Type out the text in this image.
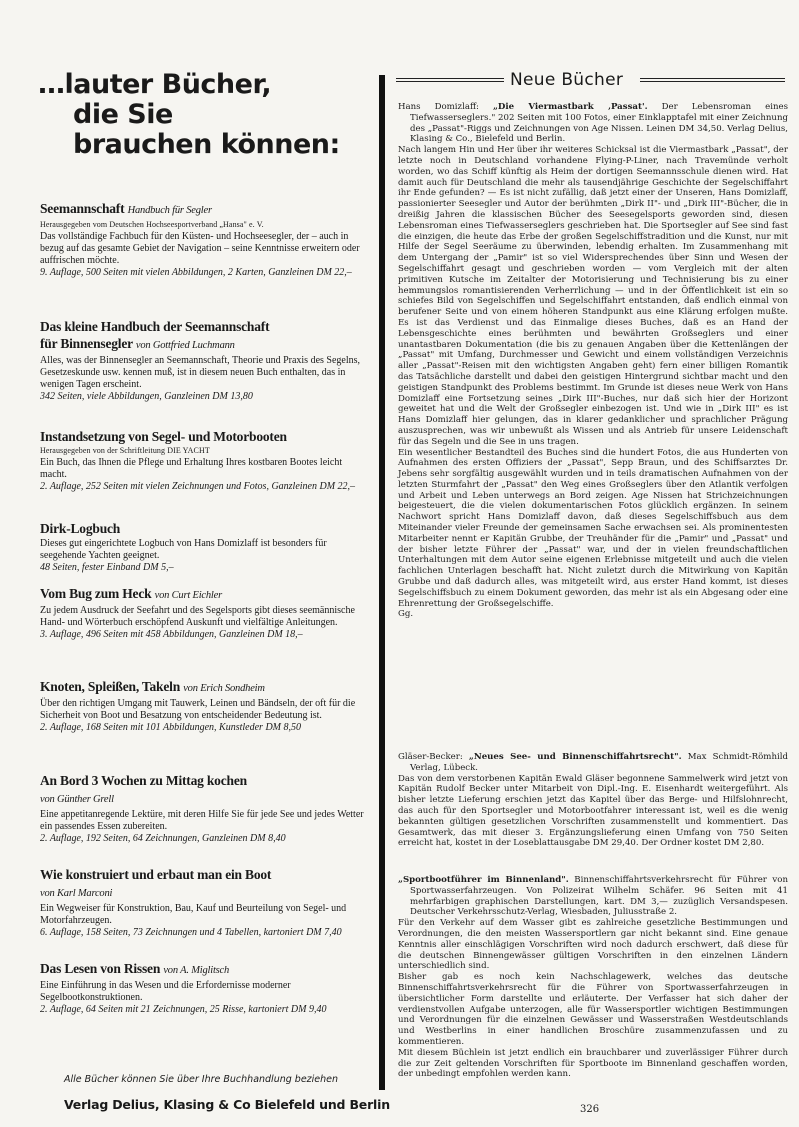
…lauter Bücher,
die Sie
brauchen können:
Seemannschaft Handbuch für Segler
Herausgegeben vom Deutschen Hochseesportverband „Hansa" e. V.
Das vollständige Fachbuch für den Küsten- und Hochseesegler, der – auch in bezug auf das gesamte Gebiet der Navigation – seine Kenntnisse erweitern oder auffrischen möchte.
9. Auflage, 500 Seiten mit vielen Abbildungen, 2 Karten, Ganzleinen DM 22,–
Das kleine Handbuch der Seemannschaft
für Binnensegler von Gottfried Luchmann
Alles, was der Binnensegler an Seemannschaft, Theorie und Praxis des Segelns, Gesetzeskunde usw. kennen muß, ist in diesem neuen Buch enthalten, das in wenigen Tagen erscheint.
342 Seiten, viele Abbildungen, Ganzleinen DM 13,80
Instandsetzung von Segel- und Motorbooten
Herausgegeben von der Schriftleitung DIE YACHT
Ein Buch, das Ihnen die Pflege und Erhaltung Ihres kostbaren Bootes leicht macht.
2. Auflage, 252 Seiten mit vielen Zeichnungen und Fotos, Ganzleinen DM 22,–
Dirk-Logbuch
Dieses gut eingerichtete Logbuch von Hans Domizlaff ist besonders für seegehende Yachten geeignet.
48 Seiten, fester Einband DM 5,–
Vom Bug zum Heck von Curt Eichler
Zu jedem Ausdruck der Seefahrt und des Segelsports gibt dieses seemännische Hand- und Wörterbuch erschöpfend Auskunft und vielfältige Anleitungen.
3. Auflage, 496 Seiten mit 458 Abbildungen, Ganzleinen DM 18,–
Knoten, Spleißen, Takeln von Erich Sondheim
Über den richtigen Umgang mit Tauwerk, Leinen und Bändseln, der oft für die Sicherheit von Boot und Besatzung von entscheidender Bedeutung ist.
2. Auflage, 168 Seiten mit 101 Abbildungen, Kunstleder DM 8,50
An Bord 3 Wochen zu Mittag kochen
von Günther Grell
Eine appetitanregende Lektüre, mit deren Hilfe Sie für jede See und jedes Wetter ein passendes Essen zubereiten.
2. Auflage, 192 Seiten, 64 Zeichnungen, Ganzleinen DM 8,40
Wie konstruiert und erbaut man ein Boot
von Karl Marconi
Ein Wegweiser für Konstruktion, Bau, Kauf und Beurteilung von Segel- und Motorfahrzeugen.
6. Auflage, 158 Seiten, 73 Zeichnungen und 4 Tabellen, kartoniert DM 7,40
Das Lesen von Rissen von A. Miglitsch
Eine Einführung in das Wesen und die Erfordernisse moderner Segelbootkonstruktionen.
2. Auflage, 64 Seiten mit 21 Zeichnungen, 25 Risse, kartoniert DM 9,40
Alle Bücher können Sie über Ihre Buchhandlung beziehen
Verlag Delius, Klasing & Co Bielefeld und Berlin
Neue Bücher

Hans Domizlaff: „Die Viermastbark ‚Passat'. Der Lebensroman eines Tiefwasserseglers." 202 Seiten mit 100 Fotos, einer Einklapptafel mit einer Zeichnung des „Passat"-Riggs und Zeichnungen von Age Nissen. Leinen DM 34,50. Verlag Delius, Klasing & Co., Bielefeld und Berlin.

Nach langem Hin und Her über ihr weiteres Schicksal ist die Viermastbark „Passat", der letzte noch in Deutschland vorhandene Flying-P-Liner, nach Travemünde verholt worden, wo das Schiff künftig als Heim der dortigen Seemannsschule dienen wird. Hat damit auch für Deutschland die mehr als tausendjährige Geschichte der Segelschiffahrt ihr Ende gefunden? — Es ist nicht zufällig, daß jetzt einer der Unseren, Hans Domizlaff, passionierter Seesegler und Autor der berühmten „Dirk II"- und „Dirk III"-Bücher, die in dreißig Jahren die klassischen Bücher des Seesegelsports geworden sind, diesen Lebensroman eines Tiefwasserseglers geschrieben hat. Die Sportsegler auf See sind fast die einzigen, die heute das Erbe der großen Segelschiffstradition und die Kunst, nur mit Hilfe der Segel Seeräume zu überwinden, lebendig erhalten. Im Zusammenhang mit dem Untergang der „Pamir" ist so viel Widersprechendes über Sinn und Wesen der Segelschiffahrt gesagt und geschrieben worden — vom Vergleich mit der alten primitiven Kutsche im Zeitalter der Motorisierung und Technisierung bis zu einer hemmungslos romantisierenden Verherrlichung — und in der Öffentlichkeit ist ein so schiefes Bild von Segelschiffen und Segelschiffahrt entstanden, daß endlich einmal von berufener Seite und von einem höheren Standpunkt aus eine Klärung erfolgen mußte. Es ist das Verdienst und das Einmalige dieses Buches, daß es an Hand der Lebensgeschichte eines berühmten und bewährten Großseglers und einer unantastbaren Dokumentation (die bis zu genauen Angaben über die Kettenlängen der „Passat" mit Umfang, Durchmesser und Gewicht und einem vollständigen Verzeichnis aller „Passat"-Reisen mit den wichtigsten Angaben geht) fern einer billigen Romantik das Tatsächliche darstellt und dabei den geistigen Hintergrund sichtbar macht und den geistigen Standpunkt des Problems bestimmt. Im Grunde ist dieses neue Werk von Hans Domizlaff eine Fortsetzung seines „Dirk III"-Buches, nur daß sich hier der Horizont geweitet hat und die Welt der Großsegler einbezogen ist. Und wie in „Dirk III" es ist Hans Domizlaff hier gelungen, das in klarer gedanklicher und sprachlicher Prägung auszusprechen, was wir unbewußt als Wissen und als Antrieb für unsere Leidenschaft für das Segeln und die See in uns tragen.

Ein wesentlicher Bestandteil des Buches sind die hundert Fotos, die aus Hunderten von Aufnahmen des ersten Offiziers der „Passat", Sepp Braun, und des Schiffsarztes Dr. Jebens sehr sorgfältig ausgewählt wurden und in teils dramatischen Aufnahmen von der letzten Sturmfahrt der „Passat" den Weg eines Großseglers über den Atlantik verfolgen und Arbeit und Leben unterwegs an Bord zeigen. Age Nissen hat Strichzeichnungen beigesteuert, die die vielen dokumentarischen Fotos glücklich ergänzen. In seinem Nachwort spricht Hans Domizlaff davon, daß dieses Segelschiffsbuch aus dem Miteinander vieler Freunde der gemeinsamen Sache erwachsen sei. Als prominentesten Mitarbeiter nennt er Kapitän Grubbe, der Treuhänder für die „Pamir" und „Passat" und der bisher letzte Führer der „Passat" war, und der in vielen freundschaftlichen Unterhaltungen mit dem Autor seine eigenen Erlebnisse mitgeteilt und auch die vielen fachlichen Unterlagen beschafft hat. Nicht zuletzt durch die Mitwirkung von Kapitän Grubbe und daß dadurch alles, was mitgeteilt wird, aus erster Hand kommt, ist dieses Segelschiffsbuch zu einem Dokument geworden, das mehr ist als ein Abgesang oder eine Ehrenrettung der Großsegelschiffe.

Gg.

Gläser-Becker: „Neues See- und Binnenschiffahrtsrecht". Max Schmidt-Römhild Verlag, Lübeck.

Das von dem verstorbenen Kapitän Ewald Gläser begonnene Sammelwerk wird jetzt von Kapitän Rudolf Becker unter Mitarbeit von Dipl.-Ing. E. Eisenhardt weitergeführt. Als bisher letzte Lieferung erschien jetzt das Kapitel über das Berge- und Hilfslohnrecht, das auch für den Sportsegler und Motorbootfahrer interessant ist, weil es die wenig bekannten gültigen gesetzlichen Vorschriften zusammenstellt und kommentiert. Das Gesamtwerk, das mit dieser 3. Ergänzungslieferung einen Umfang von 750 Seiten erreicht hat, kostet in der Loseblattausgabe DM 29,40. Der Ordner kostet DM 2,80.

„Sportbootführer im Binnenland". Binnenschiffahrtsverkehrsrecht für Führer von Sportwasserfahrzeugen. Von Polizeirat Wilhelm Schäfer. 96 Seiten mit 41 mehrfarbigen graphischen Darstellungen, kart. DM 3,— zuzüglich Versandspesen. Deutscher Verkehrsschutz-Verlag, Wiesbaden, Juliusstraße 2.

Für den Verkehr auf dem Wasser gibt es zahlreiche gesetzliche Bestimmungen und Verordnungen, die den meisten Wassersportlern gar nicht bekannt sind. Eine genaue Kenntnis aller einschlägigen Vorschriften wird noch dadurch erschwert, daß diese für die deutschen Binnengewässer gültigen Vorschriften in den einzelnen Ländern unterschiedlich sind.

Bisher gab es noch kein Nachschlagewerk, welches das deutsche Binnenschiffahrtsverkehrsrecht für die Führer von Sportwasserfahrzeugen in übersichtlicher Form darstellte und erläuterte. Der Verfasser hat sich daher der verdienstvollen Aufgabe unterzogen, alle für Wassersportler wichtigen Bestimmungen und Verordnungen für die einzelnen Gewässer und Wasserstraßen Westdeutschlands und Westberlins in einer handlichen Broschüre zusammenzufassen und zu kommentieren.

Mit diesem Büchlein ist jetzt endlich ein brauchbarer und zuverlässiger Führer durch die zur Zeit geltenden Vorschriften für Sportboote im Binnenland geschaffen worden, der unbedingt empfohlen werden kann.

326
